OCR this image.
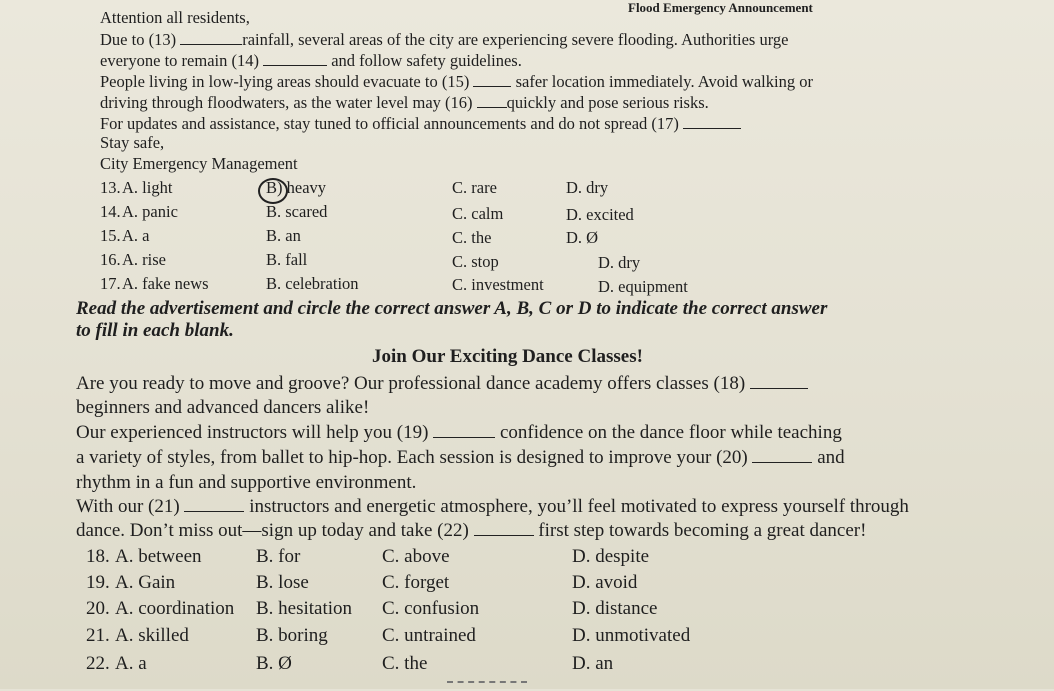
Flood Emergency Announcement
Attention all residents,
Due to (13)	rainfall, several areas of the city are experiencing severe flooding. Authorities urge
everyone to remain (14)	and follow safety guidelines.
People living in low-lying areas should evacuate to (15)	safer location immediately. Avoid walking or
driving through floodwaters, as the water level may (16) quickly and pose serious risks.
For updates and assistance, stay tuned to official announcements and do not spread (17)
Stay safe,
City Emergency Management
13. A. light	B) heavy	C. rare	D. dry
14. A. panic	B. scared	C. calm	D. excited
15. A. a	B. an	C. the	D. Ø
16. A. rise	B. fall	C. stop	D. dry
17. A. fake news	B. celebration	C. investment	D. equipment
Read the advertisement and circle the correct answer A, B, C or D to indicate the correct answer
to fill in each blank.
Join Our Exciting Dance Classes!
Are you ready to move and groove? Our professional dance academy offers classes (18)
beginners and advanced dancers alike!
Our experienced instructors will help you (19)	confidence on the dance floor while teaching
a variety of styles, from ballet to hip-hop. Each session is designed to improve your (20)	and
rhythm in a fun and supportive environment.
With our (21)	instructors and energetic atmosphere, you’ll feel motivated to express yourself through
dance. Don’t miss out—sign up today and take (22)	first step towards becoming a great dancer!
18. A. between	B. for	C. above	D. despite
19. A. Gain	B. lose	C. forget	D. avoid
20. A. coordination B. hesitation C. confusion	D. distance
21. A. skilled	B. boring	C. untrained	D. unmotivated
22. A. a	B. Ø	C. the	D. an
